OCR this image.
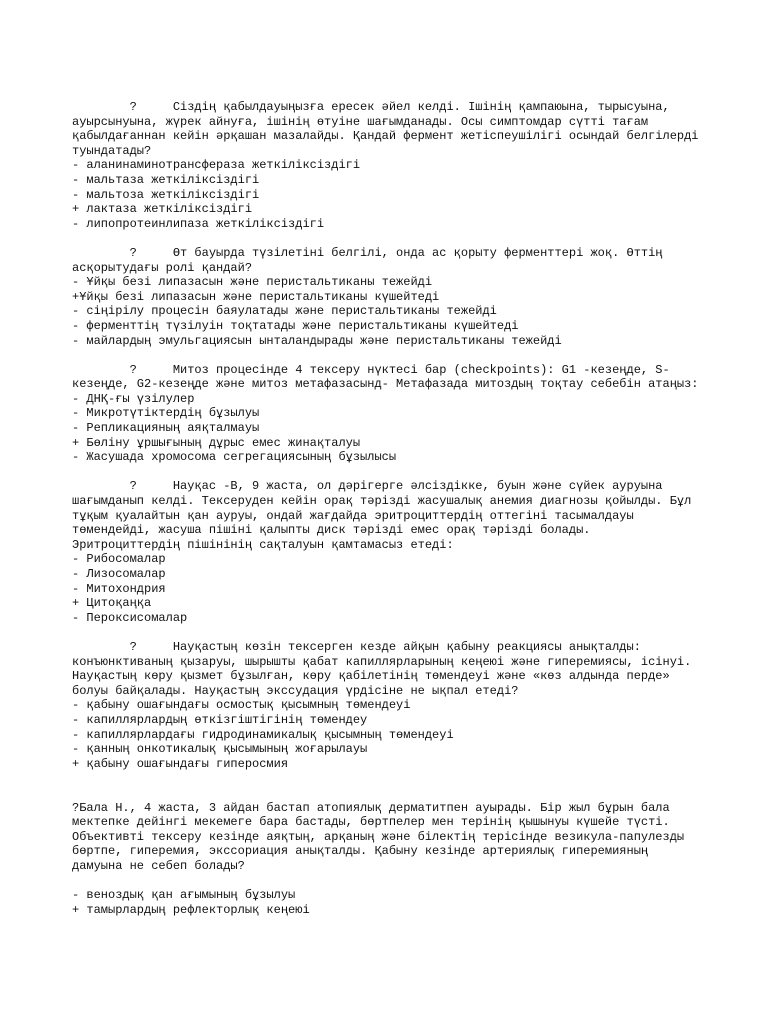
?     Сіздің қабылдауыңызға ересек әйел келді. Ішінің қампаюына, тырысуына, ауырсынуына, жүрек айнуға, ішінің өтуіне шағымданады. Осы симптомдар сүтті тағам қабылдағаннан кейін әрқашан мазалайды. Қандай фермент жетіспеушілігі осындай белгілерді туындатады?
- аланинаминотрансфераза жеткіліксіздігі
- мальтаза жеткіліксіздігі
- мальтоза жеткіліксіздігі
+ лактаза жеткіліксіздігі
- липопротеинлипаза жеткіліксіздігі
?     Өт бауырда түзілетіні белгілі, онда ас қорыту ферменттері жоқ. Өттің асқорытудағы ролі қандай?
- Ұйқы безі липазасын және перистальтиканы тежейді
+Ұйқы безі липазасын және перистальтиканы күшейтеді
- сіңірілу процесін баяулатады және перистальтиканы тежейді
- ферменттің түзілуін тоқтатады және перистальтиканы күшейтеді
- майлардың эмульгациясын ынталандырады және перистальтиканы тежейді
?     Митоз процесінде 4 тексеру нүктесі бар (checkpoints): G1 -кезеңде, S-кезеңде, G2-кезеңде және митоз метафазасынд- Метафазада митоздың тоқтау себебін атаңыз:
- ДНҚ-ғы үзілулер
- Микротүтіктердің бұзылуы
- Репликацияның аяқталмауы
+ Бөліну ұршығының дұрыс емес жинақталуы
- Жасушада хромосома сегрегациясының бұзылысы
?     Науқас -В, 9 жаста, ол дәрігерге әлсіздікке, буын және сүйек ауруына шағымданып келді. Тексеруден кейін орақ тәрізді жасушалық анемия диагнозы қойылды. Бұл тұқым қуалайтын қан ауруы, ондай жағдайда эритроциттердің оттегіні тасымалдауы төмендейді, жасуша пішіні қалыпты диск тәрізді емес орақ тәрізді болады. Эритроциттердің пішінінің сақталуын қамтамасыз етеді:
- Рибосомалар
- Лизосомалар
- Митохондрия
+ Цитоқаңқа
- Пероксисомалар
?     Науқастың көзін тексерген кезде айқын қабыну реакциясы анықталды: конъюнктиваның қызаруы, шырышты қабат капиллярларының кеңеюі және гиперемиясы, ісінуі. Науқастың көру қызмет бұзылған, көру қабілетінің төмендеуі және «көз алдында перде» болуы байқалады. Науқастың экссудация үрдісіне не ықпал етеді?
- қабыну ошағындағы осмостық қысымның төмендеуі
- капиллярлардың өткізгіштігінің төмендеу
- капиллярлардағы гидродинамикалық қысымның төмендеуі
- қанның онкотикалық қысымының жоғарылауы
+ қабыну ошағындағы гиперосмия
?Бала Н., 4 жаста, 3 айдан бастап атопиялық дерматитпен ауырады. Бір жыл бұрын бала мектепке дейінгі мекемеге бара бастады, бөртпелер мен терінің қышынуы күшейе түсті. Объективті тексеру кезінде аяқтың, арқаның және білектің терісінде везикула-папулезды бөртпе, гиперемия, экссориация анықталды. Қабыну кезінде артериялық гиперемияның дамуына не себеп болады?
- веноздық қан ағымының бұзылуы
+ тамырлардың рефлекторлық кеңеюі
